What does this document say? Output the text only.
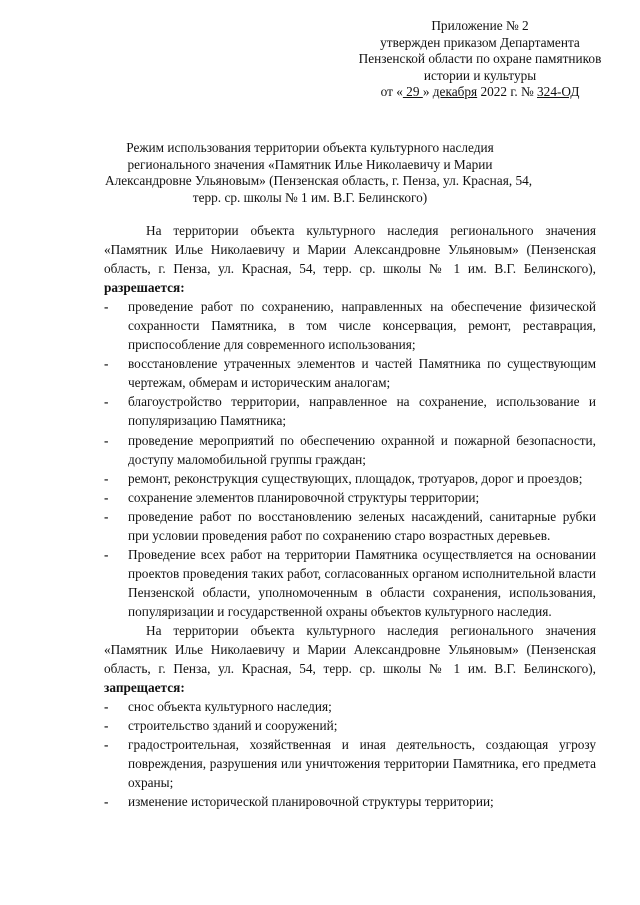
Приложение № 2
утвержден приказом Департамента
Пензенской области по охране памятников
истории и культуры
от « 29 » декабря 2022 г. № 324-ОД
Режим использования территории объекта культурного наследия
регионального значения «Памятник Илье Николаевичу и Марии
Александровне Ульяновым» (Пензенская область, г. Пенза, ул. Красная, 54,
терр. ср. школы № 1 им. В.Г. Белинского)

На территории объекта культурного наследия регионального значения «Памятник Илье Николаевичу и Марии Александровне Ульяновым» (Пензенская область, г. Пенза, ул. Красная, 54, терр. ср. школы № 1 им. В.Г. Белинского), разрешается:

- проведение работ по сохранению, направленных на обеспечение физической сохранности Памятника, в том числе консервация, ремонт, реставрация, приспособление для современного использования;

- восстановление утраченных элементов и частей Памятника по существующим чертежам, обмерам и историческим аналогам;

- благоустройство территории, направленное на сохранение, использование и популяризацию Памятника;

- проведение мероприятий по обеспечению охранной и пожарной безопасности, доступу маломобильной группы граждан;

- ремонт, реконструкция существующих, площадок, тротуаров, дорог и проездов;

- сохранение элементов планировочной структуры территории;

- проведение работ по восстановлению зеленых насаждений, санитарные рубки при условии проведения работ по сохранению старо возрастных деревьев.

- Проведение всех работ на территории Памятника осуществляется на основании проектов проведения таких работ, согласованных органом исполнительной власти Пензенской области, уполномоченным в области сохранения, использования, популяризации и государственной охраны объектов культурного наследия.

На территории объекта культурного наследия регионального значения «Памятник Илье Николаевичу и Марии Александровне Ульяновым» (Пензенская область, г. Пенза, ул. Красная, 54, терр. ср. школы № 1 им. В.Г. Белинского), запрещается:

- снос объекта культурного наследия;

- строительство зданий и сооружений;

- градостроительная, хозяйственная и иная деятельность, создающая угрозу повреждения, разрушения или уничтожения территории Памятника, его предмета охраны;

- изменение исторической планировочной структуры территории;
